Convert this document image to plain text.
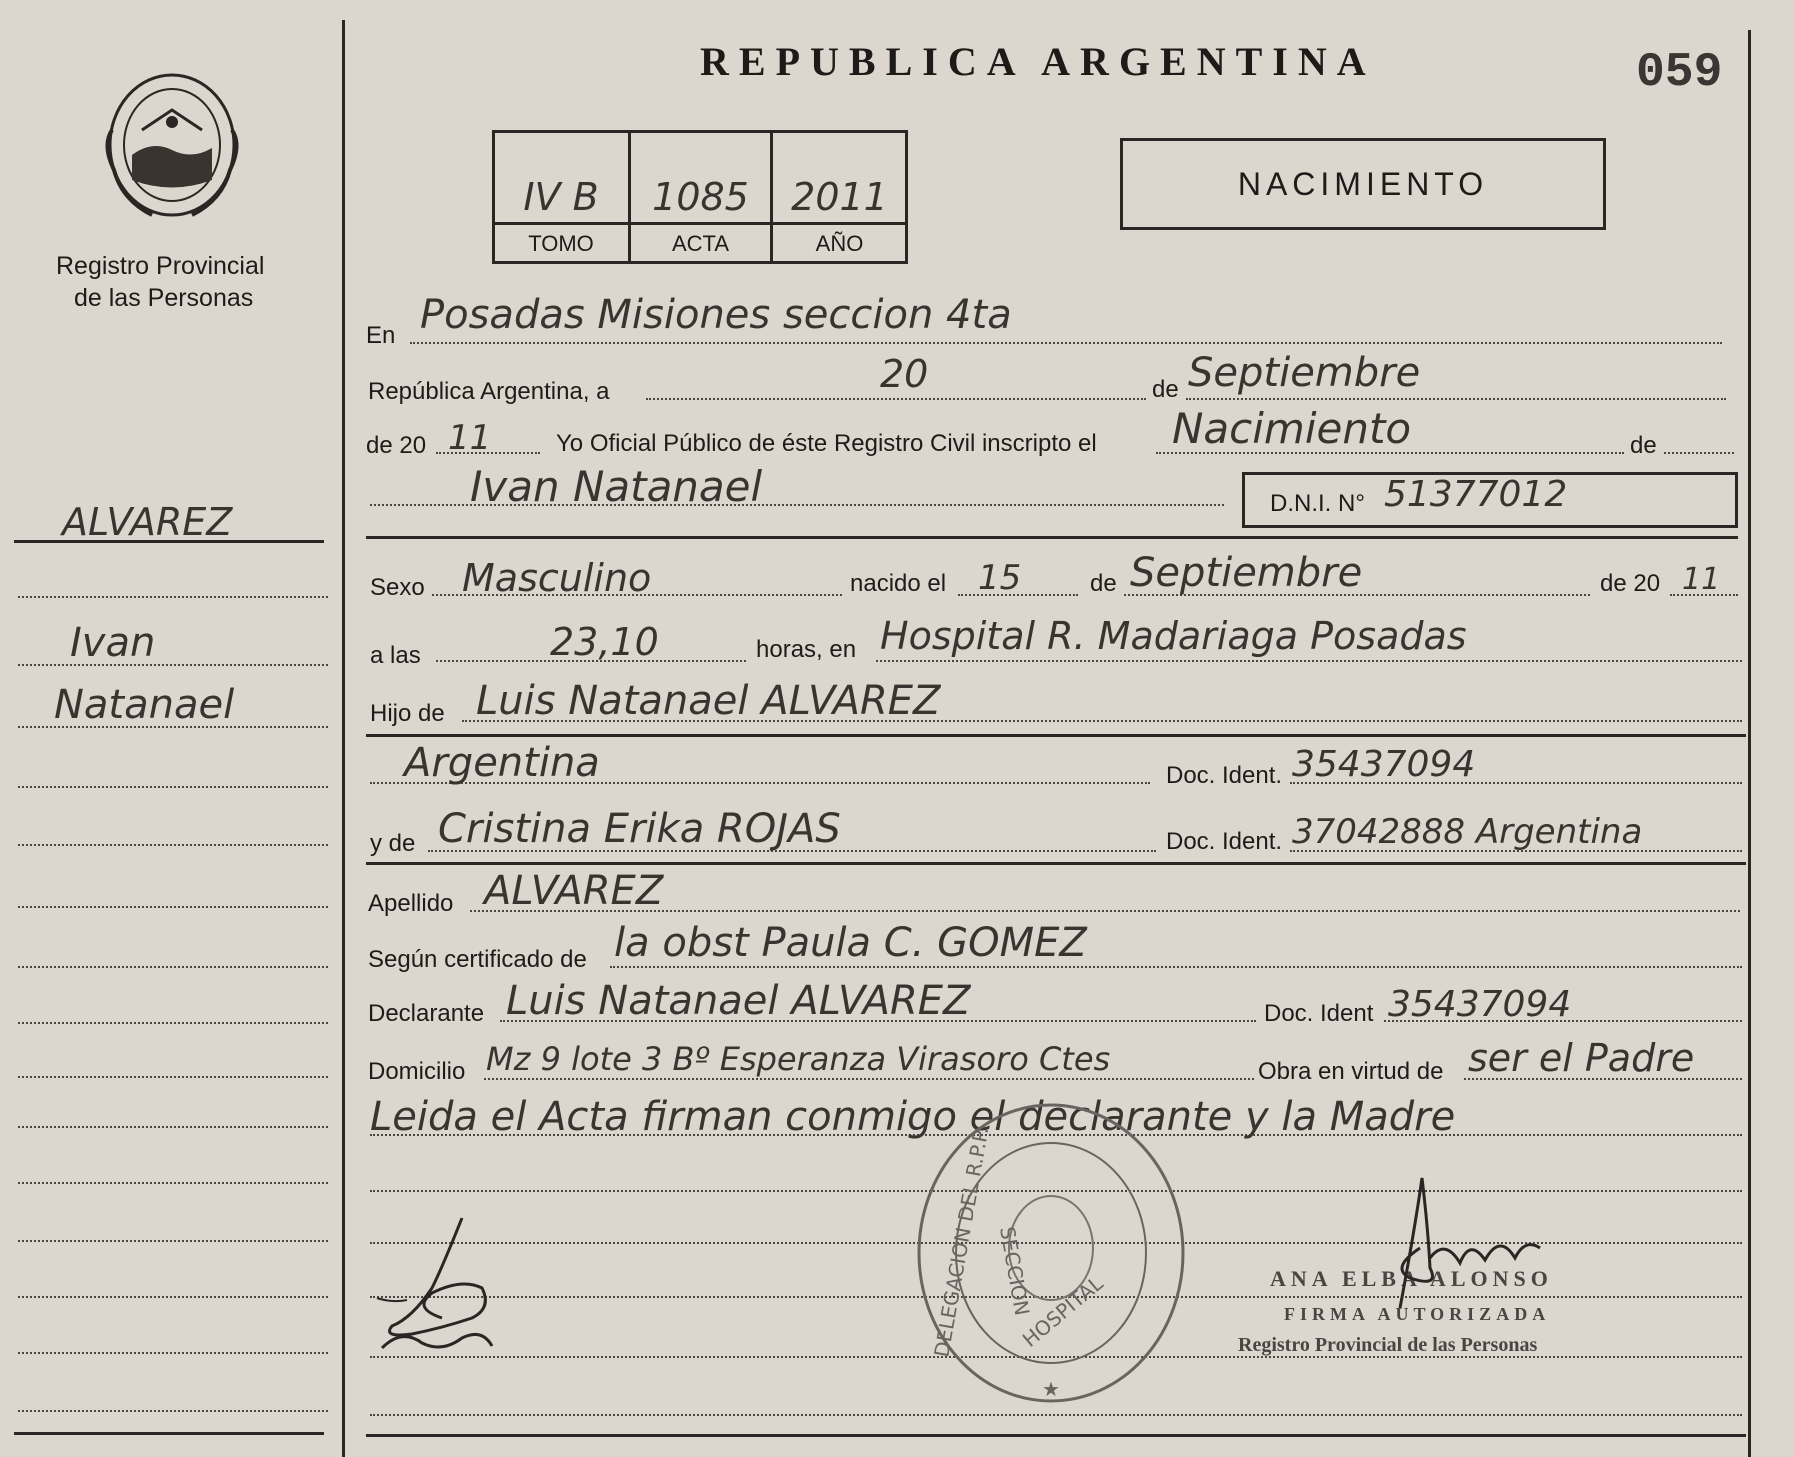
Registro Provincial
de las Personas
ALVAREZ
Ivan
Natanael
REPUBLICA ARGENTINA	059
IV B	1085	2011
TOMO	ACTA	AÑO
NACIMIENTO
En Posadas Misiones seccion 4ta
República Argentina, a	20	de Septiembre
de 20 11	Yo Oficial Público de éste Registro Civil inscripto el Nacimiento	de
Ivan Natanael	D.N.I. N° 51377012
Sexo Masculino	nacido el 15	de Septiembre	de 20 11
a las	23,10	horas, en Hospital R. Madariaga Posadas
Hijo de Luis Natanael ALVAREZ
Argentina	Doc. Ident. 35437094
y de Cristina Erika ROJAS	Doc. Ident. 37042888 Argentina
Apellido ALVAREZ
Según certificado de la obst Paula C. GOMEZ
Declarante Luis Natanael ALVAREZ	Doc. Ident 35437094
Domicilio Mz 9 lote 3 Bº Esperanza Virasoro Ctes	Obra en virtud de ser el Padre
Leida el Acta firman conmigo el declarante y la Madre
DELEGACION DEL R.P.P. SECCION
HOSPITAL
★
ANA ELBA ALONSO
FIRMA AUTORIZADA
Registro Provincial de las Personas
